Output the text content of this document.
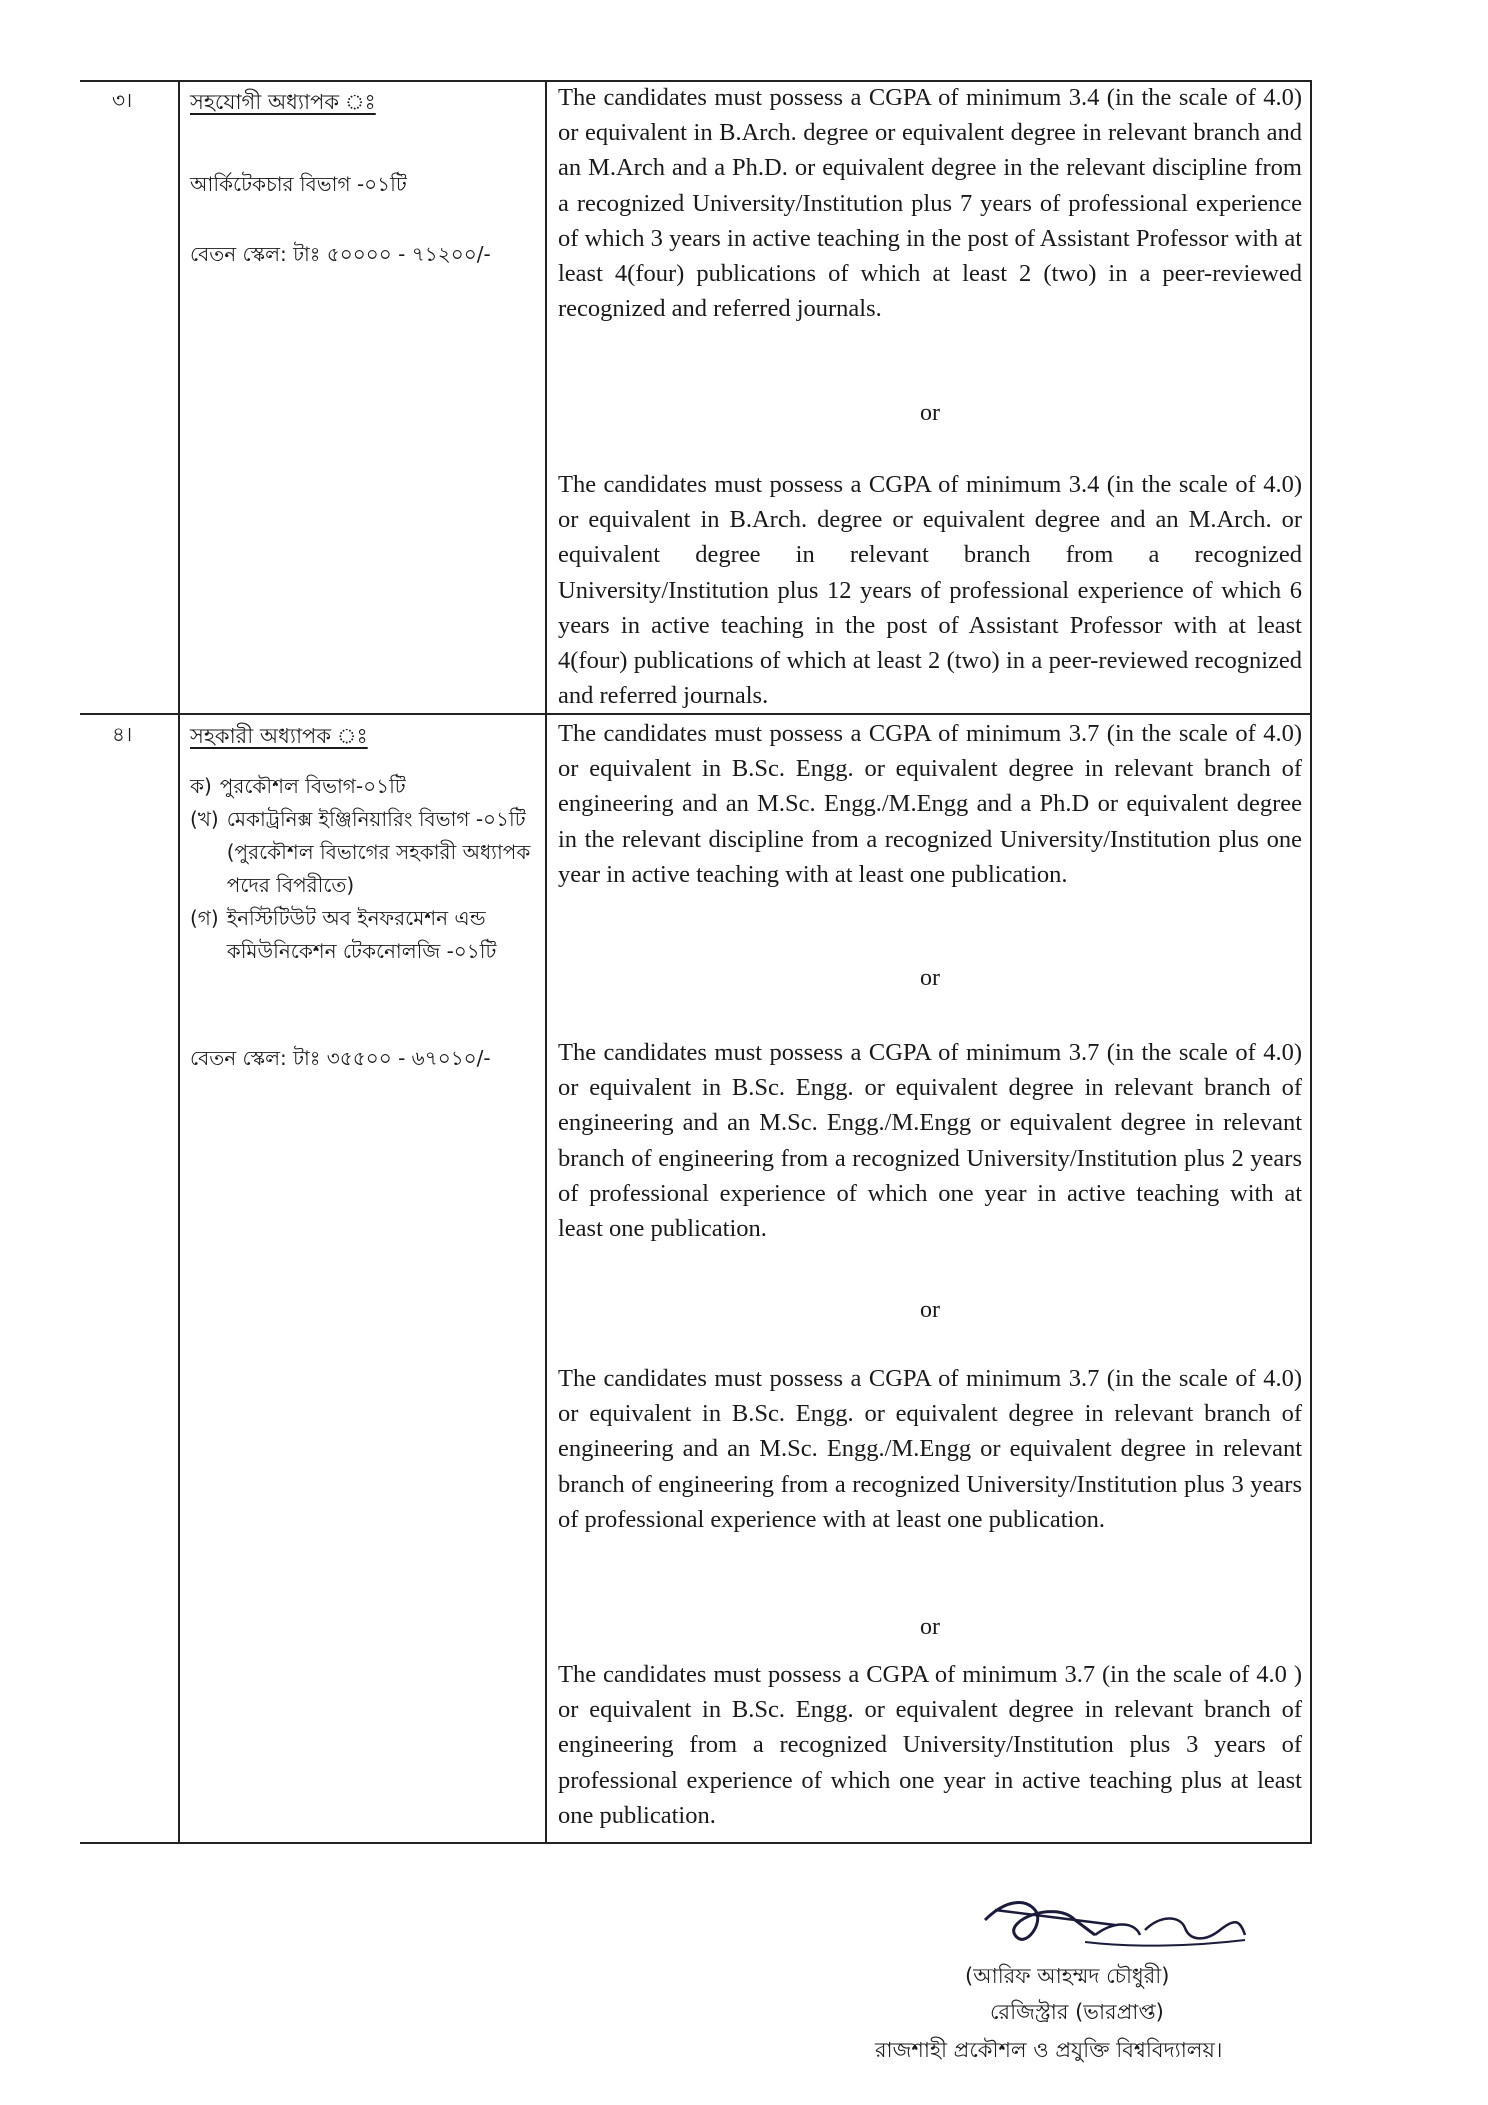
৩।	সহযোগী অধ্যাপক ঃ
আর্কিটেকচার বিভাগ -০১টি
বেতন স্কেল: টাঃ ৫০০০০ - ৭১২০০/-
The candidates must possess a CGPA of minimum 3.4 (in the scale of 4.0) or equivalent in B.Arch. degree or equivalent degree in relevant branch and an M.Arch and a Ph.D. or equivalent degree in the relevant discipline from a recognized University/Institution plus 7 years of professional experience of which 3 years in active teaching in the post of Assistant Professor with at least 4(four) publications of which at least 2 (two) in a peer-reviewed recognized and referred journals.
or
The candidates must possess a CGPA of minimum 3.4 (in the scale of 4.0) or equivalent in B.Arch. degree or equivalent degree and an M.Arch. or equivalent degree in relevant branch from a recognized University/Institution plus 12 years of professional experience of which 6 years in active teaching in the post of Assistant Professor with at least 4(four) publications of which at least 2 (two) in a peer-reviewed recognized and referred journals.
৪।	সহকারী অধ্যাপক ঃ
ক) পুরকৌশল বিভাগ-০১টি
(খ) মেকাট্রনিক্স ইঞ্জিনিয়ারিং বিভাগ -০১টি (পুরকৌশল বিভাগের সহকারী অধ্যাপক পদের বিপরীতে)
(গ) ইনস্টিটিউট অব ইনফরমেশন এন্ড কমিউনিকেশন টেকনোলজি -০১টি
বেতন স্কেল: টাঃ ৩৫৫০০ - ৬৭০১০/-
The candidates must possess a CGPA of minimum 3.7 (in the scale of 4.0) or equivalent in B.Sc. Engg. or equivalent degree in relevant branch of engineering and an M.Sc. Engg./M.Engg and a Ph.D or equivalent degree in the relevant discipline from a recognized University/Institution plus one year in active teaching with at least one publication.
or
The candidates must possess a CGPA of minimum 3.7 (in the scale of 4.0) or equivalent in B.Sc. Engg. or equivalent degree in relevant branch of engineering and an M.Sc. Engg./M.Engg or equivalent degree in relevant branch of engineering from a recognized University/Institution plus 2 years of professional experience of which one year in active teaching with at least one publication.
or
The candidates must possess a CGPA of minimum 3.7 (in the scale of 4.0) or equivalent in B.Sc. Engg. or equivalent degree in relevant branch of engineering and an M.Sc. Engg./M.Engg or equivalent degree in relevant branch of engineering from a recognized University/Institution plus 3 years of professional experience with at least one publication.
or
The candidates must possess a CGPA of minimum 3.7 (in the scale of 4.0 ) or equivalent in B.Sc. Engg. or equivalent degree in relevant branch of engineering from a recognized University/Institution plus 3 years of professional experience of which one year in active teaching plus at least one publication.
(আরিফ আহম্মদ চৌধুরী)
রেজিস্ট্রার (ভারপ্রাপ্ত)
রাজশাহী প্রকৌশল ও প্রযুক্তি বিশ্ববিদ্যালয়।
